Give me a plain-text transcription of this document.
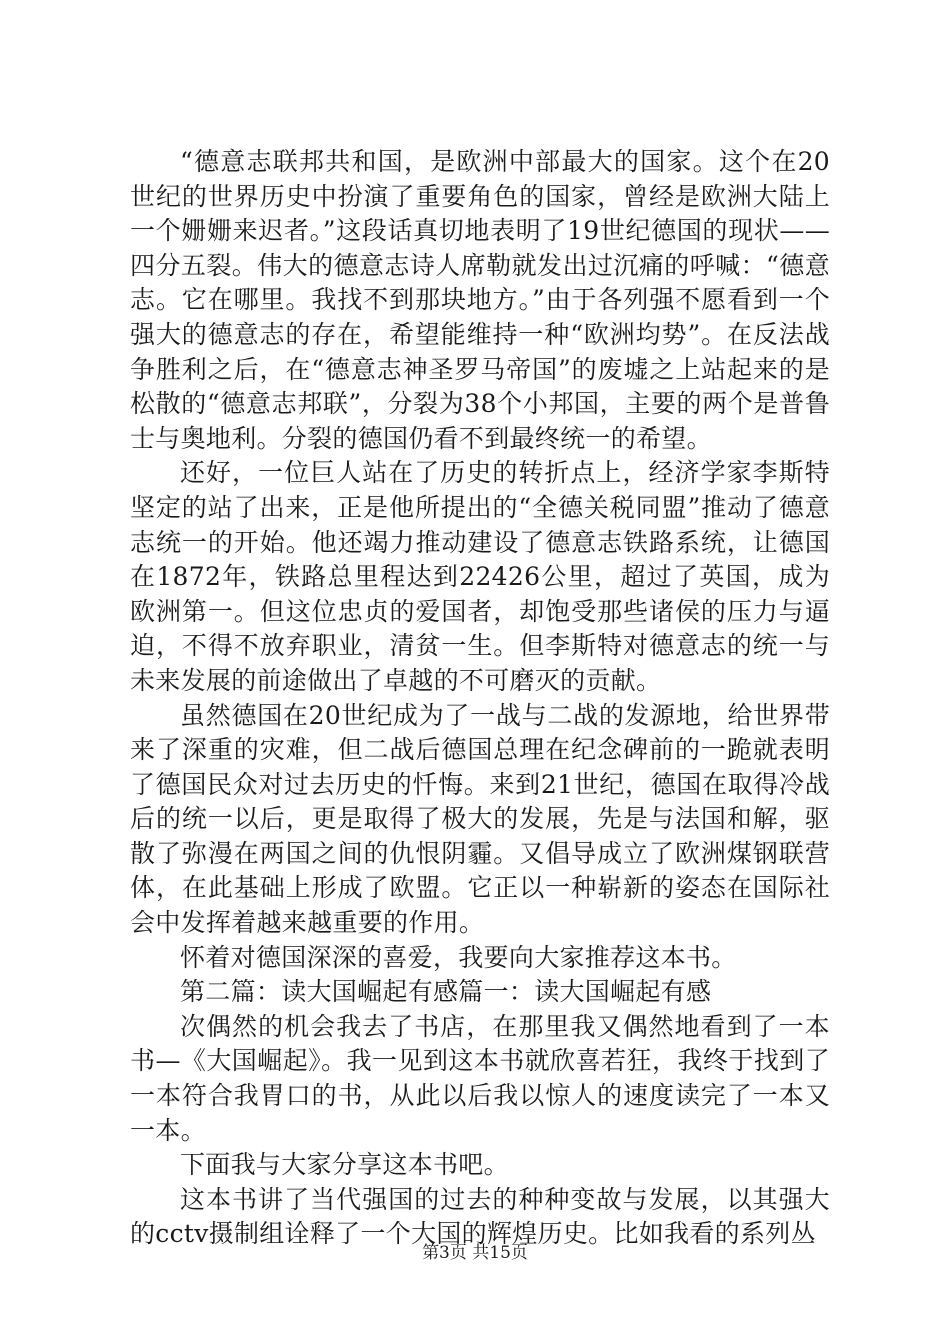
“德意志联邦共和国，是欧洲中部最大的国家。这个在20世纪的世界历史中扮演了重要角色的国家，曾经是欧洲大陆上一个姗姗来迟者。”这段话真切地表明了19世纪德国的现状——四分五裂。伟大的德意志诗人席勒就发出过沉痛的呼喊：“德意志。它在哪里。我找不到那块地方。”由于各列强不愿看到一个强大的德意志的存在，希望能维持一种“欧洲均势”。在反法战争胜利之后，在“德意志神圣罗马帝国”的废墟之上站起来的是松散的“德意志邦联”，分裂为38个小邦国，主要的两个是普鲁士与奥地利。分裂的德国仍看不到最终统一的希望。

还好，一位巨人站在了历史的转折点上，经济学家李斯特坚定的站了出来，正是他所提出的“全德关税同盟”推动了德意志统一的开始。他还竭力推动建设了德意志铁路系统，让德国在1872年，铁路总里程达到22426公里，超过了英国，成为欧洲第一。但这位忠贞的爱国者，却饱受那些诸侯的压力与逼迫，不得不放弃职业，清贫一生。但李斯特对德意志的统一与未来发展的前途做出了卓越的不可磨灭的贡献。

虽然德国在20世纪成为了一战与二战的发源地，给世界带来了深重的灾难，但二战后德国总理在纪念碑前的一跪就表明了德国民众对过去历史的忏悔。来到21世纪，德国在取得冷战后的统一以后，更是取得了极大的发展，先是与法国和解，驱散了弥漫在两国之间的仇恨阴霾。又倡导成立了欧洲煤钢联营体，在此基础上形成了欧盟。它正以一种崭新的姿态在国际社会中发挥着越来越重要的作用。

怀着对德国深深的喜爱，我要向大家推荐这本书。

第二篇：读大国崛起有感篇一：读大国崛起有感

次偶然的机会我去了书店，在那里我又偶然地看到了一本书—《大国崛起》。我一见到这本书就欣喜若狂，我终于找到了一本符合我胃口的书，从此以后我以惊人的速度读完了一本又一本。

下面我与大家分享这本书吧。

这本书讲了当代强国的过去的种种变故与发展，以其强大的cctv摄制组诠释了一个大国的辉煌历史。比如我看的系列丛

第3页 共15页
